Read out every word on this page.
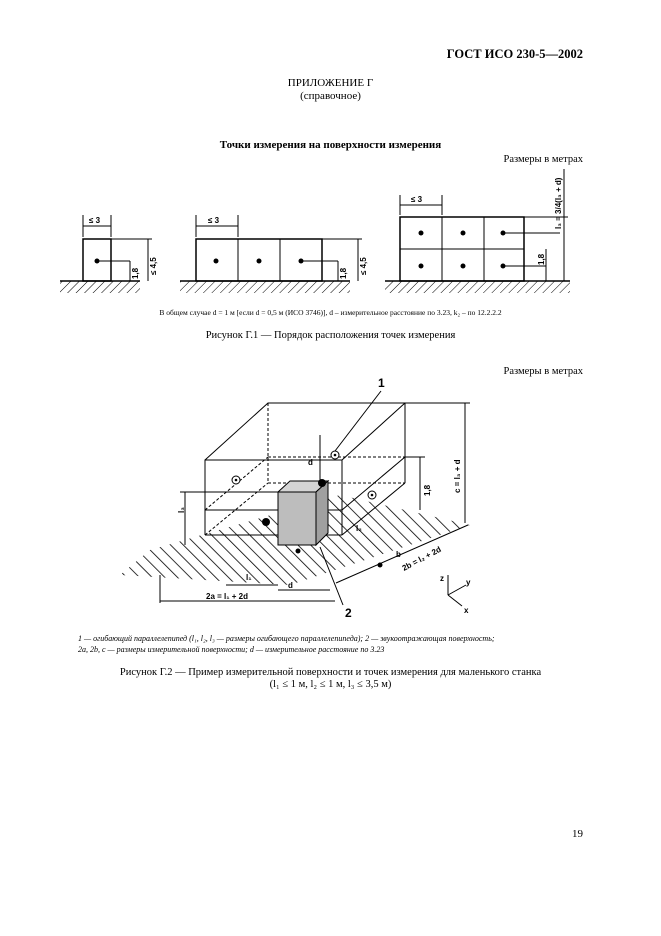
ГОСТ ИСО 230-5—2002
ПРИЛОЖЕНИЕ Г
(справочное)
Точки измерения на поверхности измерения
Размеры в метрах
≤ 3
1,8 ≤ 4,5
≤ 3
1,8 ≤ 4,5
≤ 3
1,8
l₃ = 3/4(l₃ + d)
В общем случае d = 1 м [если d = 0,5 м (ИСО 3746)], d – измерительное расстояние по 3.23, k₂ – по 12.2.2.2
Рисунок Г.1 — Порядок расположения точек измерения
Размеры в метрах
d
l₃
1,8	c = l₃ + d
l₂
b 2b = l₂ + 2d
l₁
d
2a = l₁ + 2d
1
2
z	y
x
1 — огибающий параллелепипед (l₁, l₂, l₃ — размеры огибающего параллелепипеда); 2 — звукоотражающая поверхность;
2a, 2b, c — размеры измерительной поверхности; d — измерительное расстояние по 3.23
Рисунок Г.2 — Пример измерительной поверхности и точек измерения для маленького станка
(l₁ ≤ 1 м, l₂ ≤ 1 м, l₃ ≤ 3,5 м)
19
